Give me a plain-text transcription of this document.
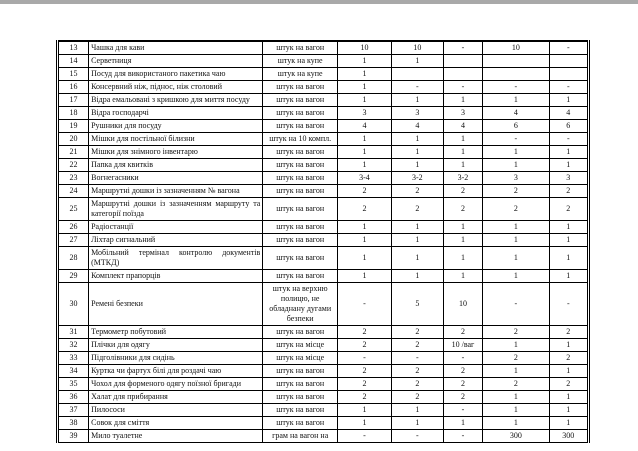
13	Чашка для кави	штук на вагон	10	10	-	10	-
14	Серветниця	штук на купе	1	1			
15	Посуд для використаного пакетика чаю	штук на купе	1				
16	Консервний ніж, піднос, ніж столовий	штук на вагон	1	-	-	-	-
17	Відра емальовані з кришкою для миття посуду	штук на вагон	1	1	1	1	1
18	Відра господарчі	штук на вагон	3	3	3	4	4
19	Рушники для посуду	штук на вагон	4	4	4	6	6
20	Мішки для постільної білизни	штук на 10 компл.	1	1	1	-	-
21	Мішки для знімного інвентарю	штук на вагон	1	1	1	1	1
22	Папка для квитків	штук на вагон	1	1	1	1	1
23	Вогнегасники	штук на вагон	3-4	3-2	3-2	3	3
24	Маршрутні дошки із зазначенням № вагона	штук на вагон	2	2	2	2	2
25	Маршрутні дошки із зазначенням маршруту та категорії поїзда	штук на вагон	2	2	2	2	2
26	Радіостанції	штук на вагон	1	1	1	1	1
27	Ліхтар сигнальний	штук на вагон	1	1	1	1	1
28	Мобільний термінал контролю документів (МТКД)	штук на вагон	1	1	1	1	1
29	Комплект прапорців	штук на вагон	1	1	1	1	1
30	Ремені безпеки	штук на верхню полицю, не обладнану дугами безпеки	-	5	10	-	-
31	Термометр побутовий	штук на вагон	2	2	2	2	2
32	Плічки для одягу	штук на місце	2	2	10 /ваг	1	1
33	Підголівники для сидінь	штук на місце	-	-	-	2	2
34	Куртка чи фартух білі для роздачі чаю	штук на вагон	2	2	2	1	1
35	Чохол для форменого одягу поїзної бригади	штук на вагон	2	2	2	2	2
36	Халат для прибирання	штук на вагон	2	2	2	1	1
37	Пилососи	штук на вагон	1	1	-	1	1
38	Совок для сміття	штук на вагон	1	1	1	1	1
39	Мило туалетне	грам на вагон на	-	-	-	300	300
